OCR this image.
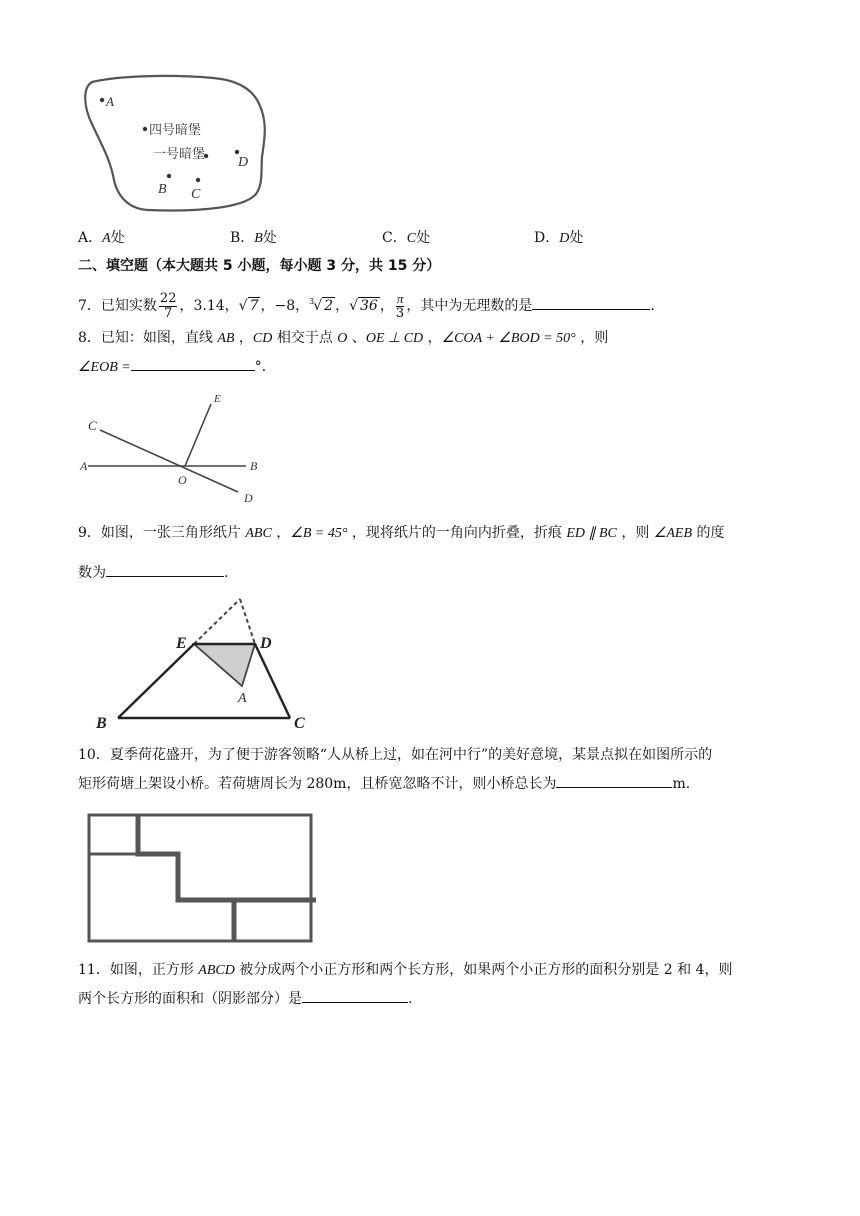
A
四号暗堡
一号暗堡
D
B C
A．A处	B．B处	C．C处	D．D处
二、填空题（本大题共 5 小题，每小题 3 分，共 15 分）
7．已知实数 $\frac{22}{7}$ ，3.14，√ 7 ，−8，$^3$√ 2 ，√ 36 ， $\frac{\pi}{3}$ ，其中为无理数的是	.
8．已知：如图，直线 AB ，CD 相交于点 O 、OE ⊥ CD ，∠COA + ∠BOD = 50° ，则
∠EOB =	°．
E
C
A
O
B
D
9．如图，一张三角形纸片 ABC ，∠B = 45° ，现将纸片的一角向内折叠，折痕 ED ∥ BC ，则 ∠AEB 的度
数为	.
E	D
A
B	C
10．夏季荷花盛开，为了便于游客领略“人从桥上过，如在河中行”的美好意境，某景点拟在如图所示的
矩形荷塘上架设小桥。若荷塘周长为 280m，且桥宽忽略不计，则小桥总长为	m.
11．如图，正方形 ABCD 被分成两个小正方形和两个长方形，如果两个小正方形的面积分别是 2 和 4，则
两个长方形的面积和（阴影部分）是	.
